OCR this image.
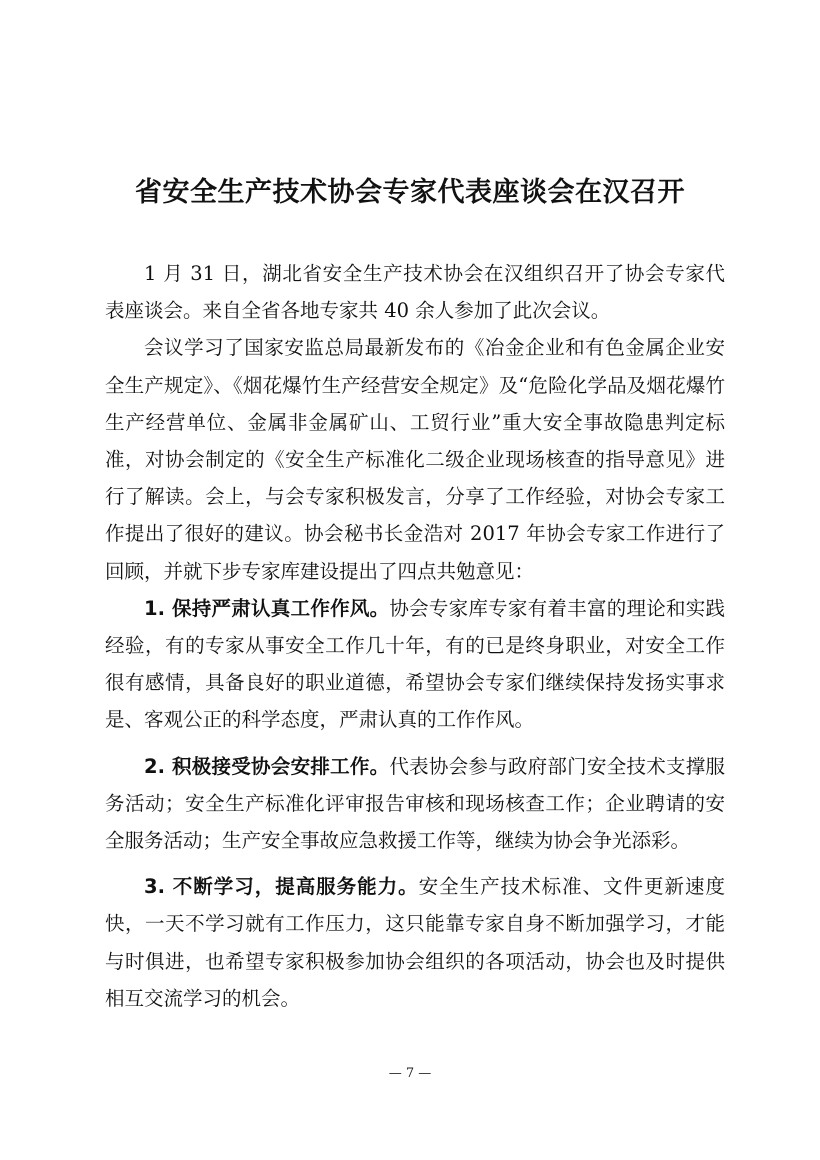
省安全生产技术协会专家代表座谈会在汉召开

1 月 31 日，湖北省安全生产技术协会在汉组织召开了协会专家代表座谈会。来自全省各地专家共 40 余人参加了此次会议。

会议学习了国家安监总局最新发布的《冶金企业和有色金属企业安全生产规定》、《烟花爆竹生产经营安全规定》及“危险化学品及烟花爆竹生产经营单位、金属非金属矿山、工贸行业”重大安全事故隐患判定标准，对协会制定的《安全生产标准化二级企业现场核查的指导意见》进行了解读。会上，与会专家积极发言，分享了工作经验，对协会专家工作提出了很好的建议。协会秘书长金浩对 2017 年协会专家工作进行了回顾，并就下步专家库建设提出了四点共勉意见：

1. 保持严肃认真工作作风。协会专家库专家有着丰富的理论和实践经验，有的专家从事安全工作几十年，有的已是终身职业，对安全工作很有感情，具备良好的职业道德，希望协会专家们继续保持发扬实事求是、客观公正的科学态度，严肃认真的工作作风。

2. 积极接受协会安排工作。代表协会参与政府部门安全技术支撑服务活动；安全生产标准化评审报告审核和现场核查工作；企业聘请的安全服务活动；生产安全事故应急救援工作等，继续为协会争光添彩。

3. 不断学习，提高服务能力。安全生产技术标准、文件更新速度快，一天不学习就有工作压力，这只能靠专家自身不断加强学习，才能与时俱进，也希望专家积极参加协会组织的各项活动，协会也及时提供相互交流学习的机会。

— 7 —
